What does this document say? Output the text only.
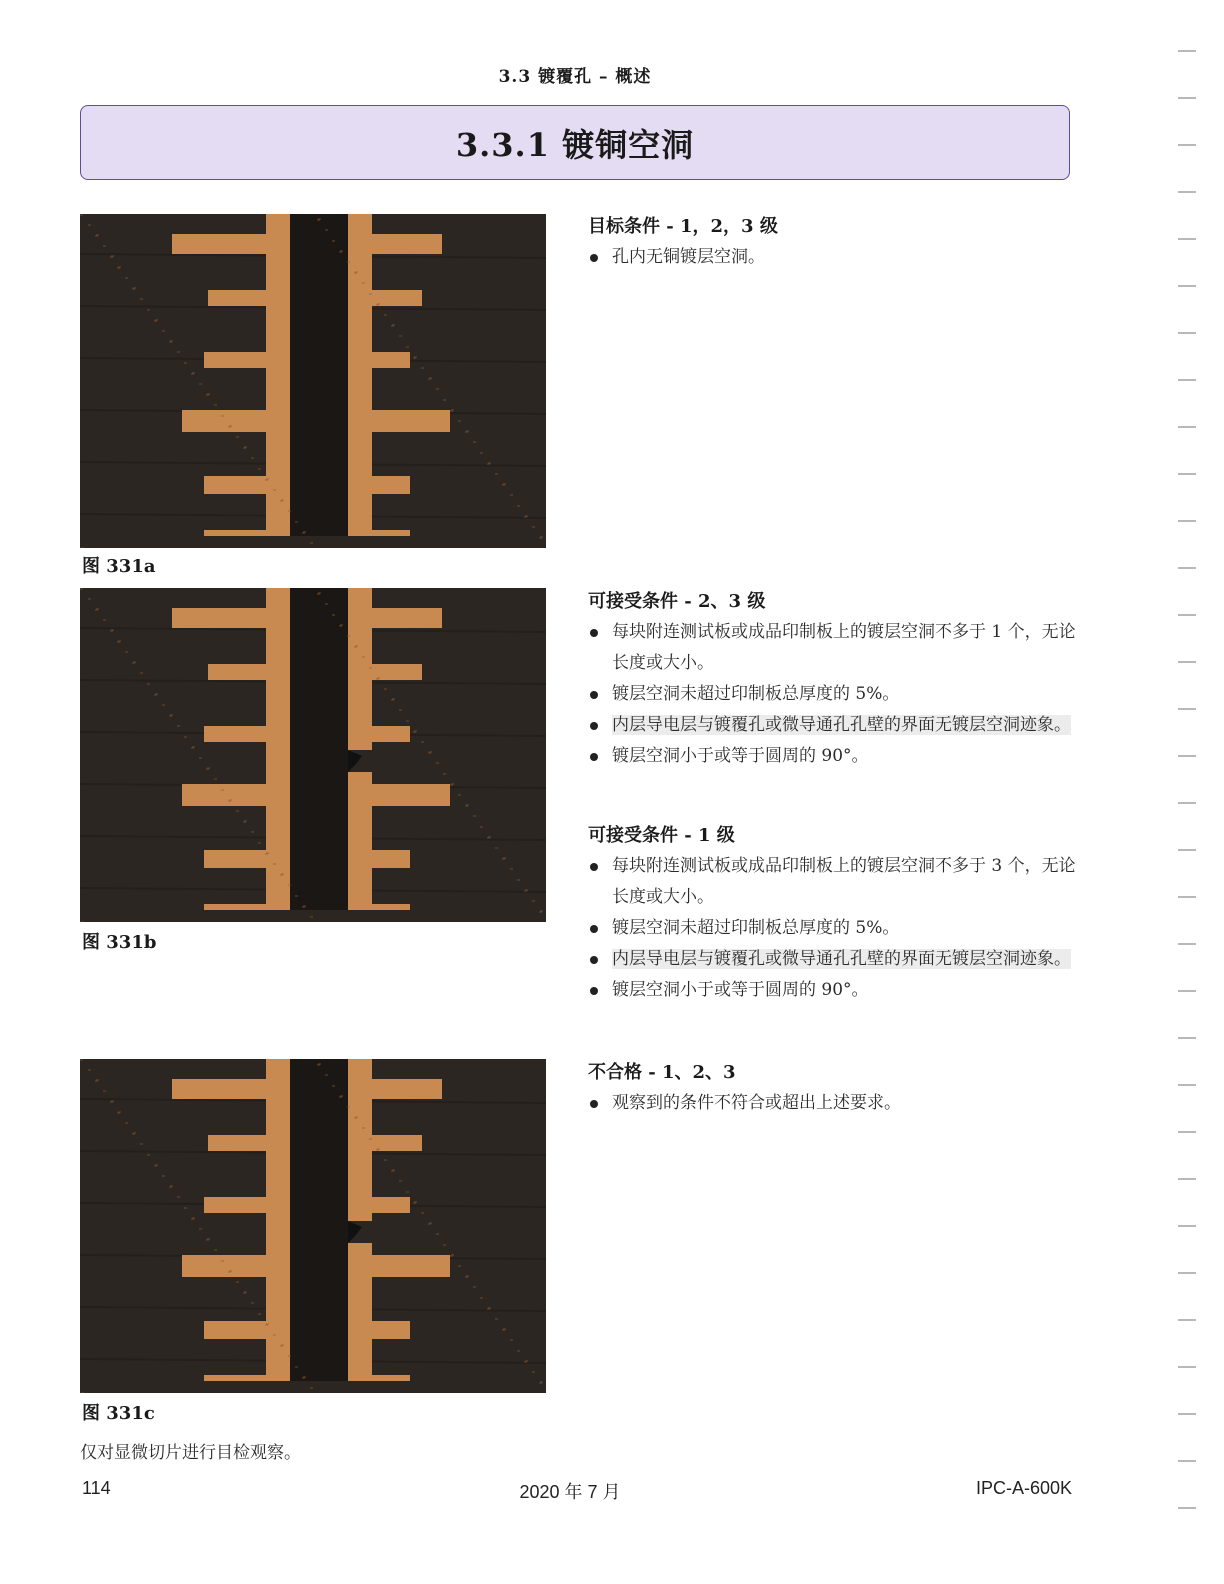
3.3 镀覆孔 – 概述
3.3.1 镀铜空洞
图 331a
图 331b
图 331c
目标条件 - 1，2，3 级
孔内无铜镀层空洞。
可接受条件 - 2、3 级
每块附连测试板或成品印制板上的镀层空洞不多于 1 个，无论长度或大小。
镀层空洞未超过印制板总厚度的 5%。
内层导电层与镀覆孔或微导通孔孔壁的界面无镀层空洞迹象。
镀层空洞小于或等于圆周的 90°。
可接受条件 - 1 级
每块附连测试板或成品印制板上的镀层空洞不多于 3 个，无论长度或大小。
镀层空洞未超过印制板总厚度的 5%。
内层导电层与镀覆孔或微导通孔孔壁的界面无镀层空洞迹象。
镀层空洞小于或等于圆周的 90°。
不合格 - 1、2、3
观察到的条件不符合或超出上述要求。
仅对显微切片进行目检观察。
114	2020 年 7 月	IPC-A-600K
